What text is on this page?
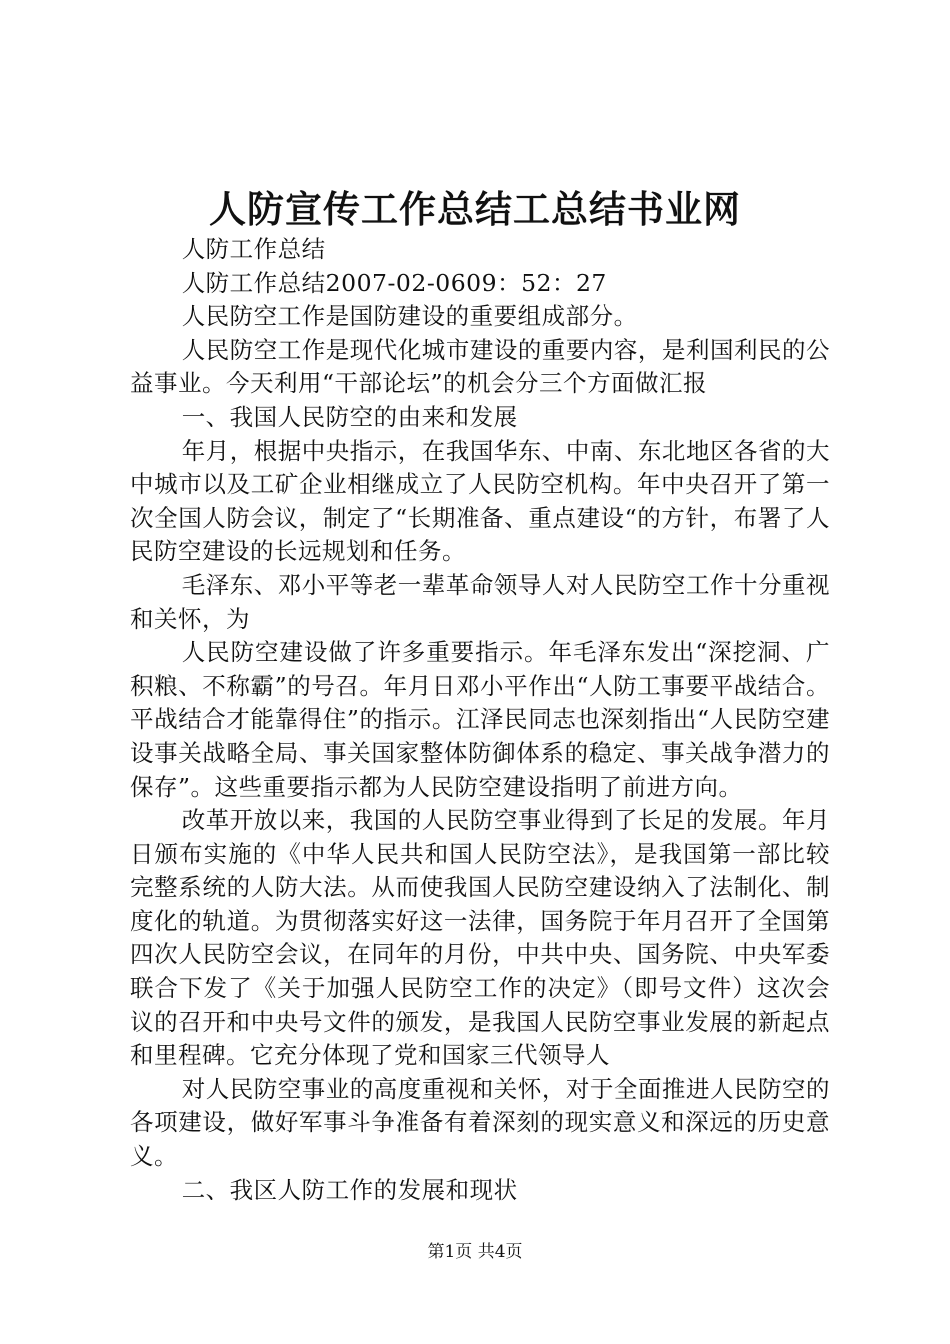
人防宣传工作总结工总结书业网

人防工作总结

人防工作总结2007-02-0609：52：27

人民防空工作是国防建设的重要组成部分。

人民防空工作是现代化城市建设的重要内容，是利国利民的公益事业。今天利用“干部论坛”的机会分三个方面做汇报

一、我国人民防空的由来和发展

年月，根据中央指示，在我国华东、中南、东北地区各省的大中城市以及工矿企业相继成立了人民防空机构。年中央召开了第一次全国人防会议，制定了“长期准备、重点建设“的方针，布署了人民防空建设的长远规划和任务。

毛泽东、邓小平等老一辈革命领导人对人民防空工作十分重视和关怀，为

人民防空建设做了许多重要指示。年毛泽东发出“深挖洞、广积粮、不称霸”的号召。年月日邓小平作出“人防工事要平战结合。平战结合才能靠得住”的指示。江泽民同志也深刻指出“人民防空建设事关战略全局、事关国家整体防御体系的稳定、事关战争潜力的保存”。这些重要指示都为人民防空建设指明了前进方向。

改革开放以来，我国的人民防空事业得到了长足的发展。年月日颁布实施的《中华人民共和国人民防空法》，是我国第一部比较完整系统的人防大法。从而使我国人民防空建设纳入了法制化、制度化的轨道。为贯彻落实好这一法律，国务院于年月召开了全国第四次人民防空会议，在同年的月份，中共中央、国务院、中央军委联合下发了《关于加强人民防空工作的决定》（即号文件）这次会议的召开和中央号文件的颁发，是我国人民防空事业发展的新起点和里程碑。它充分体现了党和国家三代领导人

对人民防空事业的高度重视和关怀，对于全面推进人民防空的各项建设，做好军事斗争准备有着深刻的现实意义和深远的历史意义。

二、我区人防工作的发展和现状

第1页 共4页
